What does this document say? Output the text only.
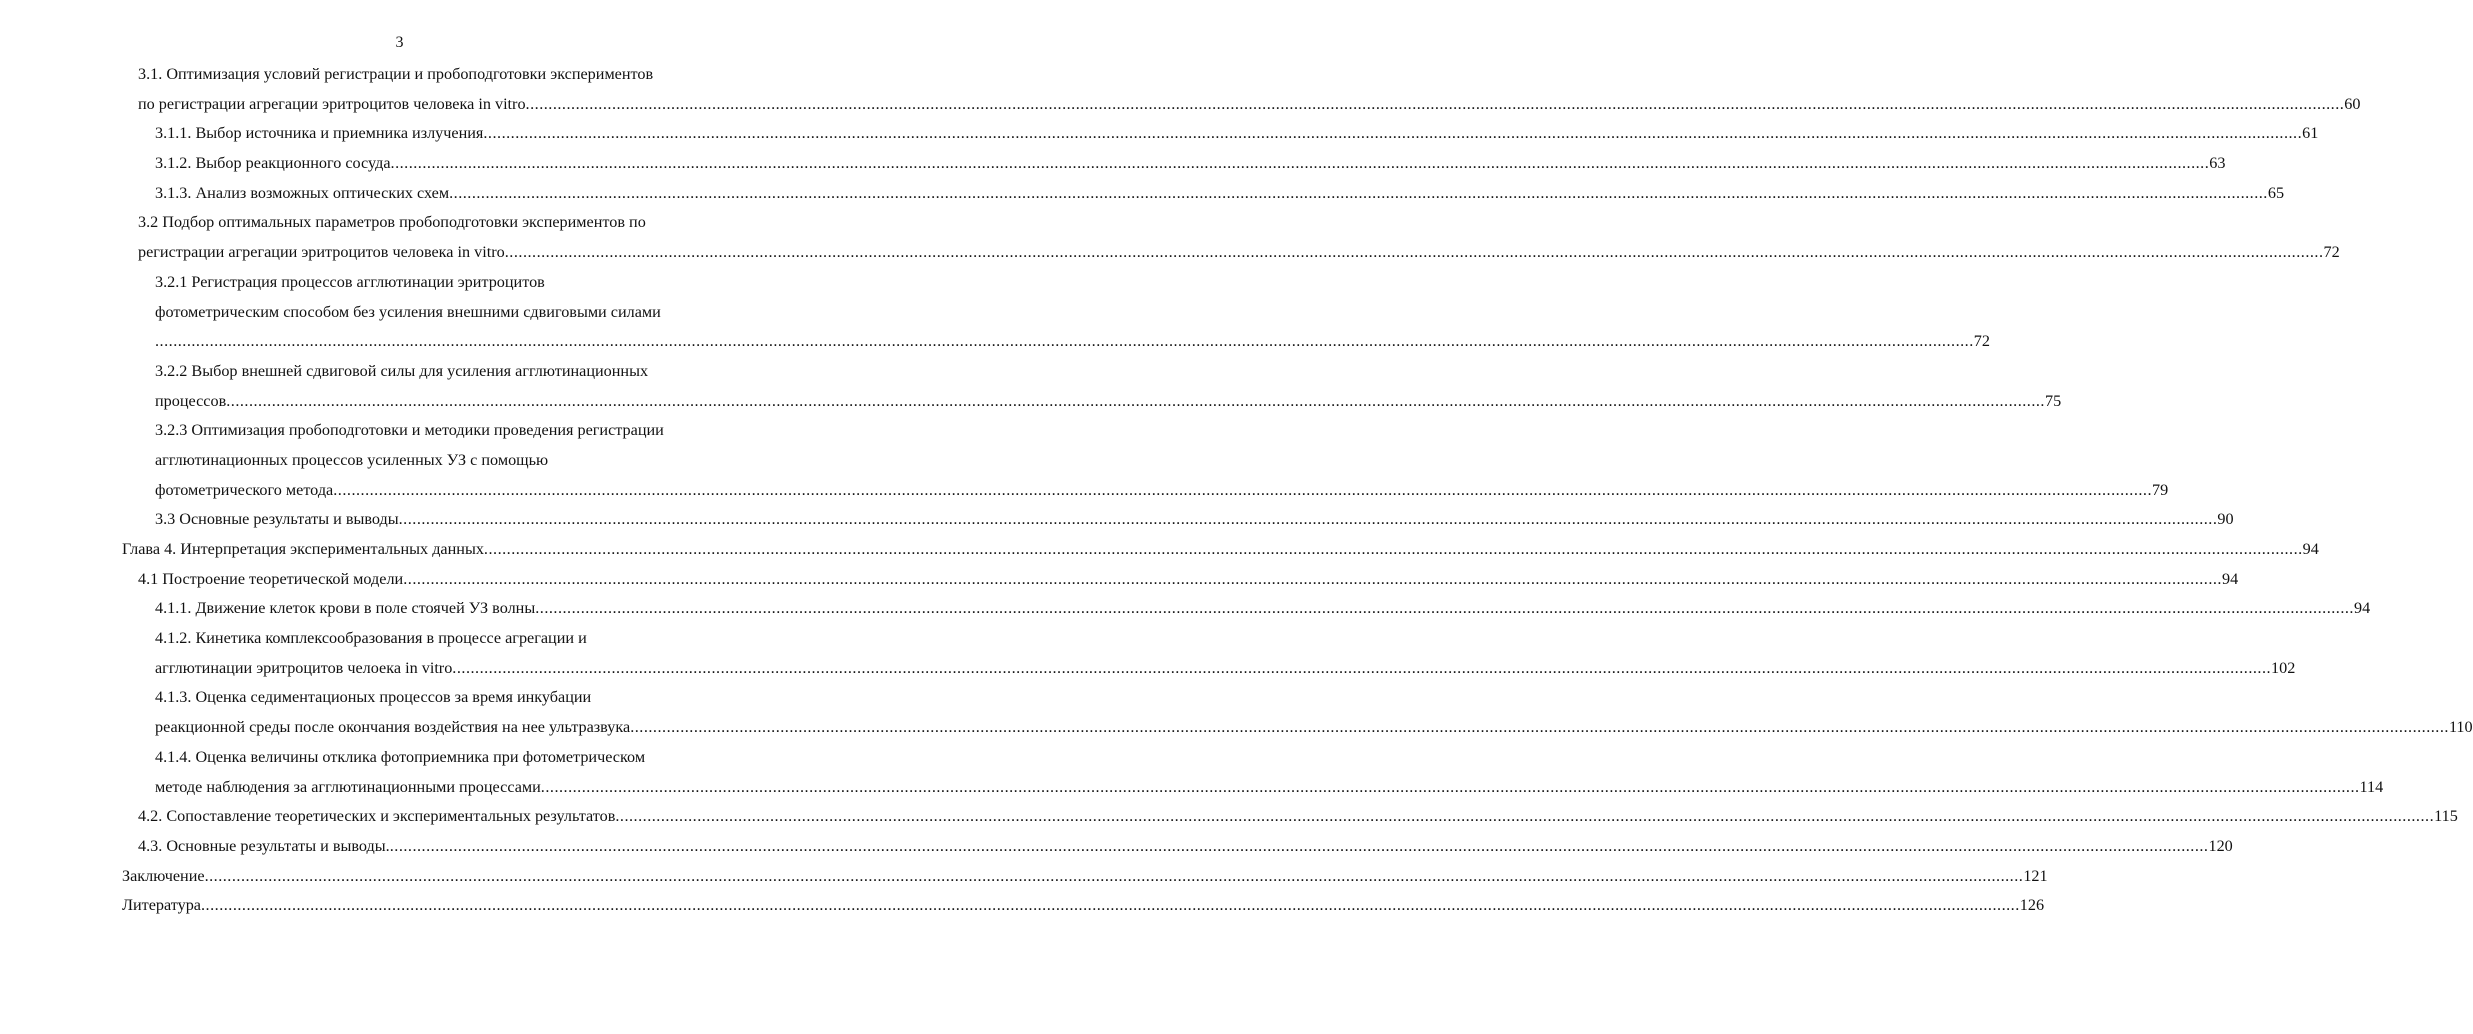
3
3.1. Оптимизация условий регистрации и пробоподготовки экспериментов
по регистрации агрегации эритроцитов человека in vitro ................................................................................................................................................................................................................................................................................................................................................................................................................ 60
3.1.1. Выбор источника и приемника излучения ................................................................................................................................................................................................................................................................................................................................................................................................................ 61
3.1.2. Выбор реакционного сосуда ................................................................................................................................................................................................................................................................................................................................................................................................................ 63
3.1.3. Анализ возможных оптических схем ................................................................................................................................................................................................................................................................................................................................................................................................................ 65
3.2 Подбор оптимальных параметров пробоподготовки экспериментов по
регистрации агрегации эритроцитов человека in vitro ................................................................................................................................................................................................................................................................................................................................................................................................................ 72
3.2.1 Регистрация процессов агглютинации эритроцитов
фотометрическим способом без усиления внешними сдвиговыми силами
................................................................................................................................................................................................................................................................................................................................................................................................................ 72
3.2.2 Выбор внешней сдвиговой силы для усиления агглютинационных
процессов ................................................................................................................................................................................................................................................................................................................................................................................................................ 75
3.2.3 Оптимизация пробоподготовки и методики проведения регистрации
агглютинационных процессов усиленных УЗ с помощью
фотометрического метода ................................................................................................................................................................................................................................................................................................................................................................................................................ 79
3.3 Основные результаты и выводы ................................................................................................................................................................................................................................................................................................................................................................................................................ 90
Глава 4. Интерпретация экспериментальных данных ................................................................................................................................................................................................................................................................................................................................................................................................................ 94
4.1 Построение теоретической модели ................................................................................................................................................................................................................................................................................................................................................................................................................ 94
4.1.1. Движение клеток крови в поле стоячей УЗ волны ................................................................................................................................................................................................................................................................................................................................................................................................................ 94
4.1.2. Кинетика комплексообразования в процессе агрегации и
агглютинации эритроцитов челоека in vitro ................................................................................................................................................................................................................................................................................................................................................................................................................ 102
4.1.3. Оценка седиментационых процессов за время инкубации
реакционной среды после окончания воздействия на нее ультразвука ................................................................................................................................................................................................................................................................................................................................................................................................................ 110
4.1.4. Оценка величины отклика фотоприемника при фотометрическом
методе наблюдения за агглютинационными процессами ................................................................................................................................................................................................................................................................................................................................................................................................................ 114
4.2. Сопоставление теоретических и экспериментальных результатов ................................................................................................................................................................................................................................................................................................................................................................................................................ 115
4.3. Основные результаты и выводы. ................................................................................................................................................................................................................................................................................................................................................................................................................ 120
Заключение ................................................................................................................................................................................................................................................................................................................................................................................................................ 121
Литература ................................................................................................................................................................................................................................................................................................................................................................................................................ 126
